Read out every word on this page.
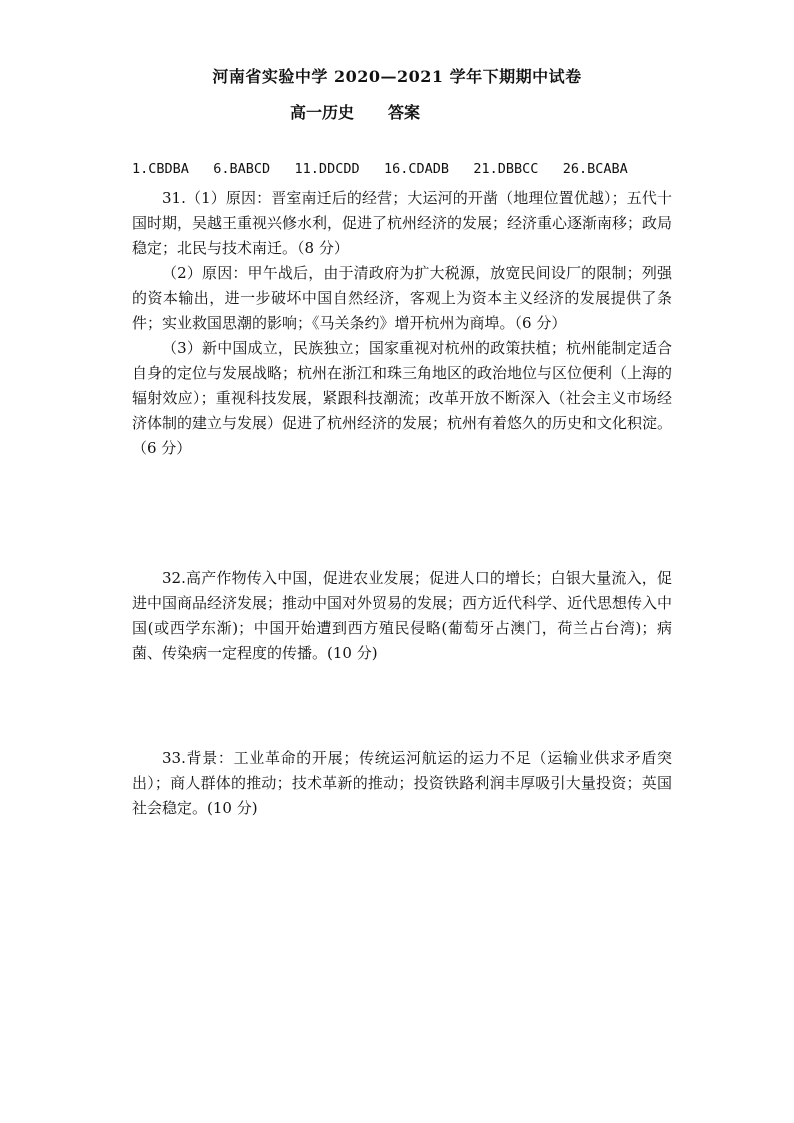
河南省实验中学 2020—2021 学年下期期中试卷
高一历史 答案
1.CBDBA   6.BABCD   11.DDCDD   16.CDADB   21.DBBCC   26.BCABA

31.（1）原因：晋室南迁后的经营；大运河的开凿（地理位置优越）；五代十国时期，吴越王重视兴修水利，促进了杭州经济的发展；经济重心逐渐南移；政局稳定；北民与技术南迁。（8 分）

（2）原因：甲午战后，由于清政府为扩大税源，放宽民间设厂的限制；列强的资本输出，进一步破坏中国自然经济，客观上为资本主义经济的发展提供了条件；实业救国思潮的影响；《马关条约》增开杭州为商埠。（6 分）

（3）新中国成立，民族独立；国家重视对杭州的政策扶植；杭州能制定适合自身的定位与发展战略；杭州在浙江和珠三角地区的政治地位与区位便利（上海的辐射效应）；重视科技发展，紧跟科技潮流；改革开放不断深入（社会主义市场经济体制的建立与发展）促进了杭州经济的发展；杭州有着悠久的历史和文化积淀。（6 分）

32.高产作物传入中国，促进农业发展；促进人口的增长；白银大量流入，促进中国商品经济发展；推动中国对外贸易的发展；西方近代科学、近代思想传入中国(或西学东渐)；中国开始遭到西方殖民侵略(葡萄牙占澳门，荷兰占台湾)；病菌、传染病一定程度的传播。(10 分)

33.背景：工业革命的开展；传统运河航运的运力不足（运输业供求矛盾突出）；商人群体的推动；技术革新的推动；投资铁路利润丰厚吸引大量投资；英国社会稳定。(10 分)
